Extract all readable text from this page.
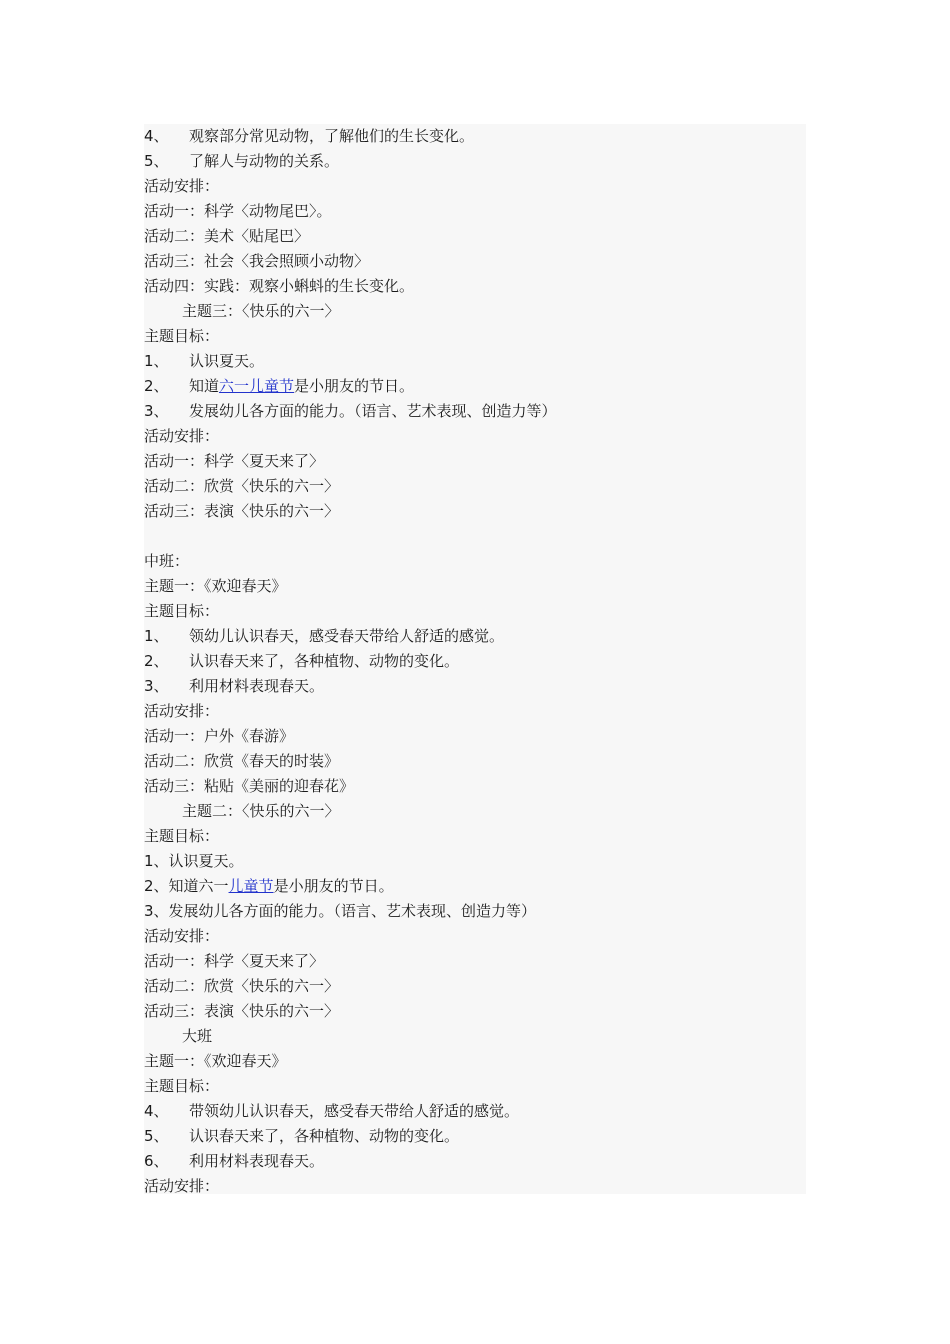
4、 观察部分常见动物，了解他们的生长变化。
5、 了解人与动物的关系。
活动安排：
活动一：科学〈动物尾巴〉。
活动二：美术〈贴尾巴〉
活动三：社会〈我会照顾小动物〉
活动四：实践：观察小蝌蚪的生长变化。
主题三：〈快乐的六一〉
主题目标：
1、 认识夏天。
2、 知道六一儿童节是小朋友的节日。
3、 发展幼儿各方面的能力。（语言、艺术表现、创造力等）
活动安排：
活动一：科学〈夏天来了〉
活动二：欣赏〈快乐的六一〉
活动三：表演〈快乐的六一〉
中班：
主题一：《欢迎春天》
主题目标：
1、 领幼儿认识春天，感受春天带给人舒适的感觉。
2、 认识春天来了，各种植物、动物的变化。
3、 利用材料表现春天。
活动安排：
活动一：户外《春游》
活动二：欣赏《春天的时装》
活动三：粘贴《美丽的迎春花》
主题二：〈快乐的六一〉
主题目标：
1、认识夏天。
2、知道六一儿童节是小朋友的节日。
3、发展幼儿各方面的能力。（语言、艺术表现、创造力等）
活动安排：
活动一：科学〈夏天来了〉
活动二：欣赏〈快乐的六一〉
活动三：表演〈快乐的六一〉
大班
主题一：《欢迎春天》
主题目标：
4、 带领幼儿认识春天，感受春天带给人舒适的感觉。
5、 认识春天来了，各种植物、动物的变化。
6、 利用材料表现春天。
活动安排：
